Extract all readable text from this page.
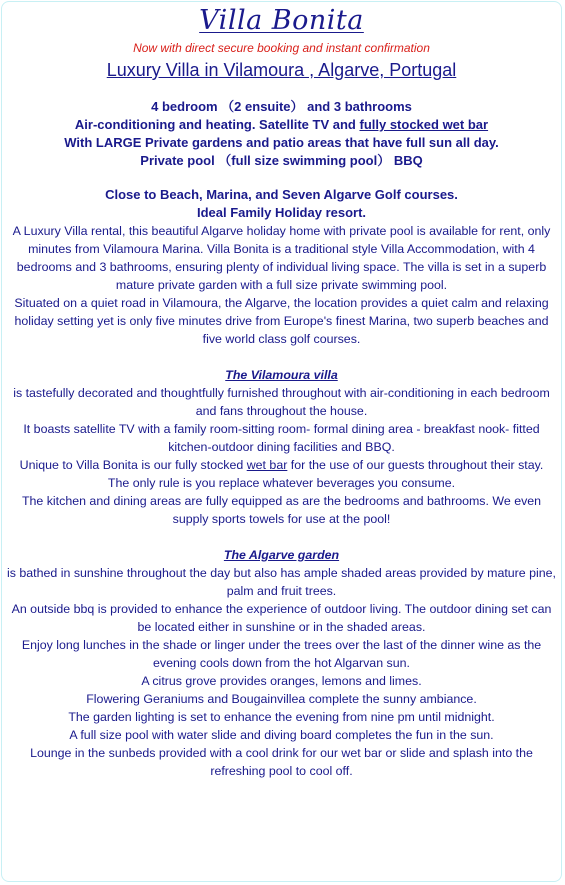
Villa Bonita
Now with direct secure booking and instant confirmation
Luxury Villa in Vilamoura , Algarve, Portugal
4 bedroom （2 ensuite） and 3 bathrooms
Air-conditioning and heating. Satellite TV and fully stocked wet bar
With LARGE Private gardens and patio areas that have full sun all day.
Private pool （full size swimming pool） BBQ
Close to Beach, Marina, and Seven Algarve Golf courses.
Ideal Family Holiday resort.

A Luxury Villa rental, this beautiful Algarve holiday home with private pool is available for rent, only minutes from Vilamoura Marina. Villa Bonita is a traditional style Villa Accommodation, with 4 bedrooms and 3 bathrooms, ensuring plenty of individual living space. The villa is set in a superb mature private garden with a full size private swimming pool.

Situated on a quiet road in Vilamoura, the Algarve, the location provides a quiet calm and relaxing holiday setting yet is only five minutes drive from Europe's finest Marina, two superb beaches and five world class golf courses.

The Vilamoura villa

is tastefully decorated and thoughtfully furnished throughout with air-conditioning in each bedroom and fans throughout the house.

It boasts satellite TV with a family room-sitting room- formal dining area - breakfast nook- fitted kitchen-outdoor dining facilities and BBQ.

Unique to Villa Bonita is our fully stocked wet bar for the use of our guests throughout their stay.

The only rule is you replace whatever beverages you consume.

The kitchen and dining areas are fully equipped as are the bedrooms and bathrooms. We even supply sports towels for use at the pool!

The Algarve garden

is bathed in sunshine throughout the day but also has ample shaded areas provided by mature pine, palm and fruit trees.

An outside bbq is provided to enhance the experience of outdoor living. The outdoor dining set can be located either in sunshine or in the shaded areas.

Enjoy long lunches in the shade or linger under the trees over the last of the dinner wine as the evening cools down from the hot Algarvan sun.

A citrus grove provides oranges, lemons and limes.

Flowering Geraniums and Bougainvillea complete the sunny ambiance.

The garden lighting is set to enhance the evening from nine pm until midnight.

A full size pool with water slide and diving board completes the fun in the sun.

Lounge in the sunbeds provided with a cool drink for our wet bar or slide and splash into the refreshing pool to cool off.
